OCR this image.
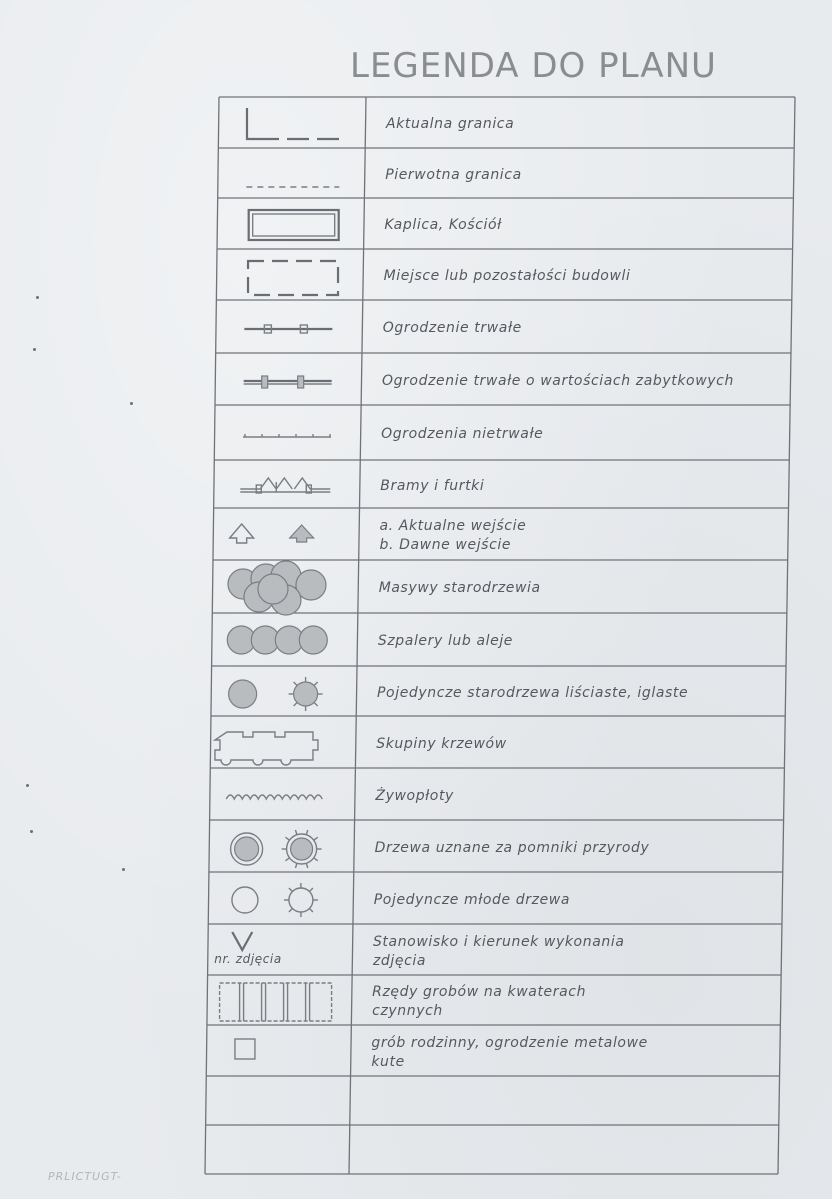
LEGENDA DO PLANU
Aktualna granica
Pierwotna granica
Kaplica, Kościół
Miejsce lub pozostałości budowli
Ogrodzenie trwałe
Ogrodzenie trwałe o wartościach zabytkowych
Ogrodzenia nietrwałe
Bramy i furtki
a. Aktualne wejście
b. Dawne wejście
Masywy starodrzewia
Szpalery lub aleje
Pojedyncze starodrzewa liściaste, iglaste
Skupiny krzewów
Żywopłoty
Drzewa uznane za pomniki przyrody
Pojedyncze młode drzewa
nr. zdjęcia
Stanowisko i kierunek wykonania
zdjęcia
Rzędy grobów na kwaterach
czynnych
grób rodzinny, ogrodzenie metalowe
kute
PRLICTUGT-
